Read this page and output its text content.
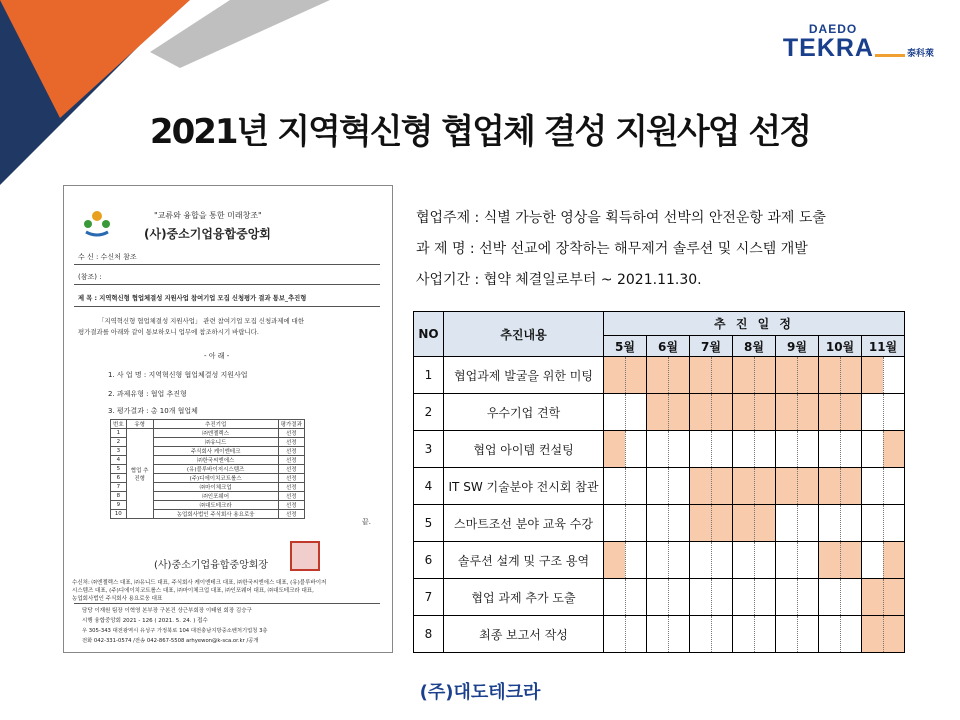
DAEDO
TEKRA	泰科萊
2021년 지역혁신형 협업체 결성 지원사업 선정
"교류와 융합을 통한 미래창조"
(사)중소기업융합중앙회
수 신 : 수신처 참조
(참조) :
제 목 : 지역혁신형 협업체결성 지원사업 참여기업 모집 신청평가 결과 통보_추진형
「지역혁신형 협업체결성 지원사업」 관련 참여기업 모집 신청과제에 대한
평가결과를 아래와 같이 통보하오니 업무에 참조하시기 바랍니다.
- 아 래 -
1. 사 업 명 : 지역혁신형 협업체결성 지원사업
2. 과제유형 : 협업 추진형
3. 평가결과 : 총 10개 협업체
번호	유형	추진기업	평가결과
1	협업 추진형	㈜엔젤렉스	선정
2		㈜유니드	선정
3		주식회사 케이엔테크	선정
4		㈜한국씨엔에스	선정
5		(유)블루바이저시스템즈	선정
6		(주)디에이치코트롤스	선정
7		㈜마이체크업	선정
8		㈜인포웨어	선정
9		㈜대도테크라	선정
10		농업회사법인 주식회사 용요로웅	선정
끝.
(사)중소기업융합중앙회장
수신처: ㈜엔젤렉스 대표, ㈜유니드 대표, 주식회사 케이엔테크 대표, ㈜한국씨엔에스 대표, (유)블루바이저
시스템즈 대표, (주)디에이치코트롤스 대표, ㈜마이체크업 대표, ㈜인포웨어 대표, ㈜대도테크라 대표,
농업회사법인 주식회사 용요로웅 대표
담당 이재원 팀장 이혁영 본부장 구본건 상근부회장 이태원 회장 김승구
시행 융합중앙회 2021 - 126 ( 2021. 5. 24. ) 접수
우 305-343 대전광역시 유성구 가정북로 104 대전충남지방중소벤처기업청 3층
전화 042-331-0574 /전송 042-867-5508 arhyewon@k-sca.or.kr /공개
협업주제 : 식별 가능한 영상을 획득하여 선박의 안전운항 과제 도출
과 제 명 : 선박 선교에 장착하는 해무제거 솔루션 및 시스템 개발
사업기간 : 협약 체결일로부터 ~ 2021.11.30.
NO	추진내용	추 진 일 정													
		5월		6월		7월		8월		9월		10월		11월	
1	협업과제 발굴을 위한 미팅														
2	우수기업 견학														
3	협업 아이템 컨설팅														
4	IT SW 기술분야 전시회 참관														
5	스마트조선 분야 교육 수강														
6	솔루션 설계 및 구조 용역														
7	협업 과제 추가 도출														
8	최종 보고서 작성														
(주)대도테크라
